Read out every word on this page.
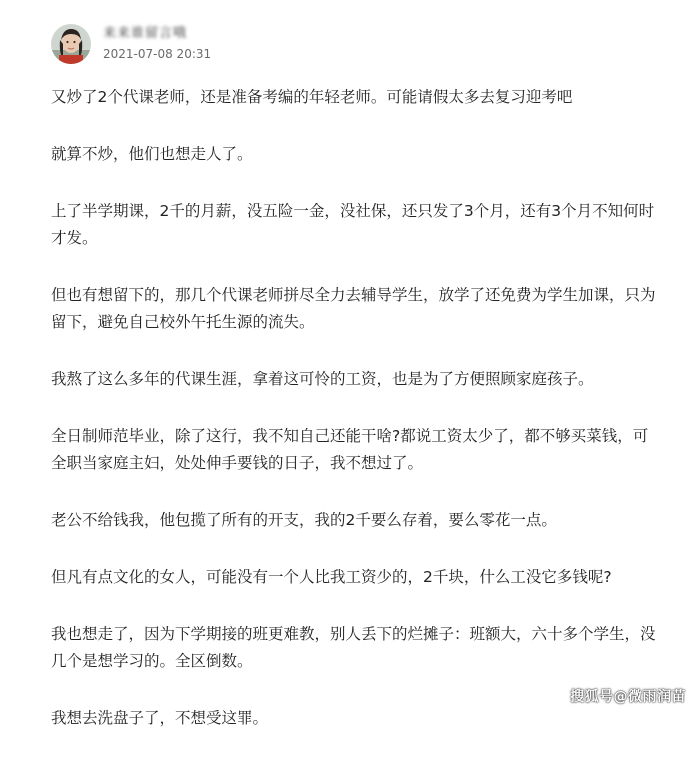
来来谁留言哦
2021-07-08 20:31

又炒了2个代课老师，还是准备考编的年轻老师。可能请假太多去复习迎考吧

就算不炒，他们也想走人了。

上了半学期课，2千的月薪，没五险一金，没社保，还只发了3个月，还有3个月不知何时才发。

但也有想留下的，那几个代课老师拼尽全力去辅导学生，放学了还免费为学生加课，只为留下，避免自己校外午托生源的流失。

我熬了这么多年的代课生涯，拿着这可怜的工资，也是为了方便照顾家庭孩子。

全日制师范毕业，除了这行，我不知自己还能干啥?都说工资太少了，都不够买菜钱，可全职当家庭主妇，处处伸手要钱的日子，我不想过了。

老公不给钱我，他包揽了所有的开支，我的2千要么存着，要么零花一点。

但凡有点文化的女人，可能没有一个人比我工资少的，2千块，什么工没它多钱呢?

我也想走了，因为下学期接的班更难教，别人丢下的烂摊子：班额大，六十多个学生，没几个是想学习的。全区倒数。

我想去洗盘子了，不想受这罪。

搜狐号@微雨润苗
